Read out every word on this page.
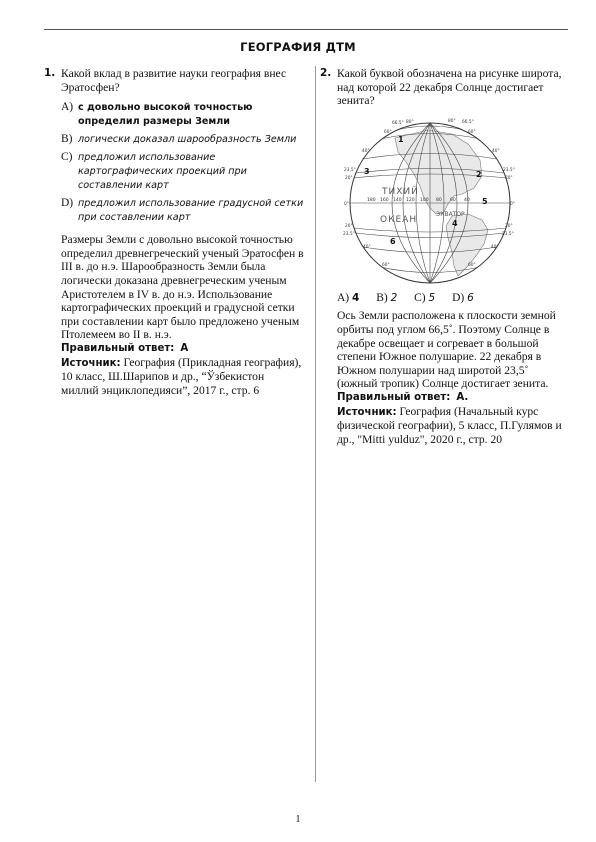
ГЕОГРАФИЯ ДТМ
1. Какой вклад в развитие науки география внес Эратосфен?
A) с довольно высокой точностью определил размеры Земли
B) логически доказал шарообразность Земли
C) предложил использование картографических проекций при составлении карт
D) предложил использование градусной сетки при составлении карт
Размеры Земли с довольно высокой точностью определил древнегреческий ученый Эратосфен в III в. до н.э. Шарообразность Земли была логически доказана древнегреческим ученым Аристотелем в IV в. до н.э. Использование картографических проекций и градусной сетки при составлении карт было предложено ученым Птолемеем во II в. н.э.
Правильный ответ: A
Источник: География (Прикладная география), 10 класс, Ш.Шарипов и др., “Ўзбекистон миллий энциклопедияси”, 2017 г., стр. 6
2. Какой буквой обозначена на рисунке широта, над которой 22 декабря Солнце достигает зенита?
ТИХИЙ
ОКЕАН
ЭКВАТОР
180 160 140 120 100 80 60 40
66.5° 80°	80° 66.5°
60°	60°
40°	40°
23.5°	23.5°
20°	20°
0°	0°
20°	20°
23.5°	23.5°
40°	40°
60°	60°
1
2
3
4
5
6
A) 4 B) 2 C) 5 D) 6
Ось Земли расположена к плоскости земной орбиты под углом 66,5˚. Поэтому Солнце в декабре освещает и согревает в большой степени Южное полушарие. 22 декабря в Южном полушарии над широтой 23,5˚ (южный тропик) Солнце достигает зенита.
Правильный ответ: A.
Источник: География (Начальный курс физической географии), 5 класс, П.Гулямов и др., "Mitti yulduz", 2020 г., стр. 20
1
